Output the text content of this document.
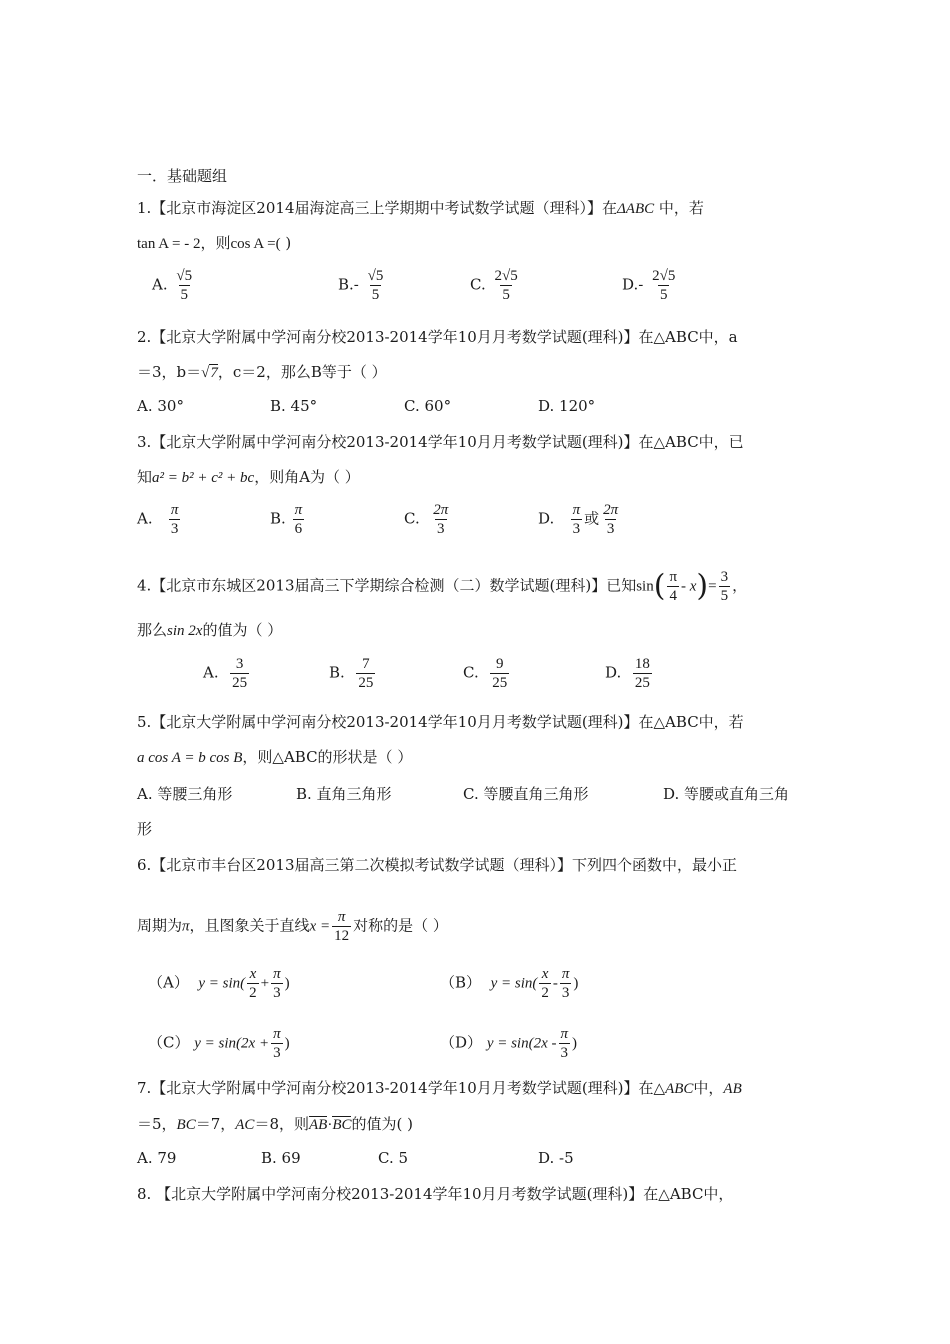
一．基础题组
1.【北京市海淀区2014届海淀高三上学期期中考试数学试题（理科）】在ΔABC 中，若
tan A = - 2，则cos A =( )
A. $\frac{√5}{5}$	$B.- \frac{√5}{5}$	C. $\frac{2√5}{5}$	$D.- \frac{2√5}{5}$
2.【北京大学附属中学河南分校2013-2014学年10月月考数学试题(理科)】在△ABC中，a
＝3，b＝√7，c＝2，那么B等于（ ）
A. 30°	B. 45°	C. 60°	D. 120°
3.【北京大学附属中学河南分校2013-2014学年10月月考数学试题(理科)】在△ABC中，已
知a² = b² + c² + bc，则角A为（ ）
A. $\frac{\pi}{3}$	B. $\frac{\pi}{6}$	C. $\frac{2\pi}{3}$	D. $\frac{\pi}{3}$ 或 $\frac{2\pi}{3}$
4.【北京市东城区2013届高三下学期综合检测（二）数学试题(理科)】已知$\sin( \frac{\pi}{4} - x)= \frac{3}{5}$ ，
那么sin 2x的值为（ ）
A. $\frac{3}{25}$	B. $\frac{7}{25}$	C. $\frac{9}{25}$	D. $\frac{18}{25}$
5.【北京大学附属中学河南分校2013-2014学年10月月考数学试题(理科)】在△ABC中，若
a cos A = b cos B，则△ABC的形状是（ ）
A. 等腰三角形	B. 直角三角形	C. 等腰直角三角形	D. 等腰或直角三角
形
6.【北京市丰台区2013届高三第二次模拟考试数学试题（理科）】下列四个函数中，最小正
周期为π，且图象关于直线$x = \frac{\pi}{12}$ 对称的是（ ）
（A） $y = \sin( \frac{x}{2} + \frac{\pi}{3}$ )	（B） $y = \sin( \frac{x}{2} - \frac{\pi}{3}$ )
（C） $y = \sin(2x + \frac{\pi}{3}$ )	（D） $y = \sin(2x - \frac{\pi}{3}$ )
7.【北京大学附属中学河南分校2013-2014学年10月月考数学试题(理科)】在△ABC中，AB
＝5，BC＝7，AC＝8，则AB·BC的值为( )
A. 79	B. 69	C. 5	D. -5
8. 【北京大学附属中学河南分校2013-2014学年10月月考数学试题(理科)】在△ABC中，
